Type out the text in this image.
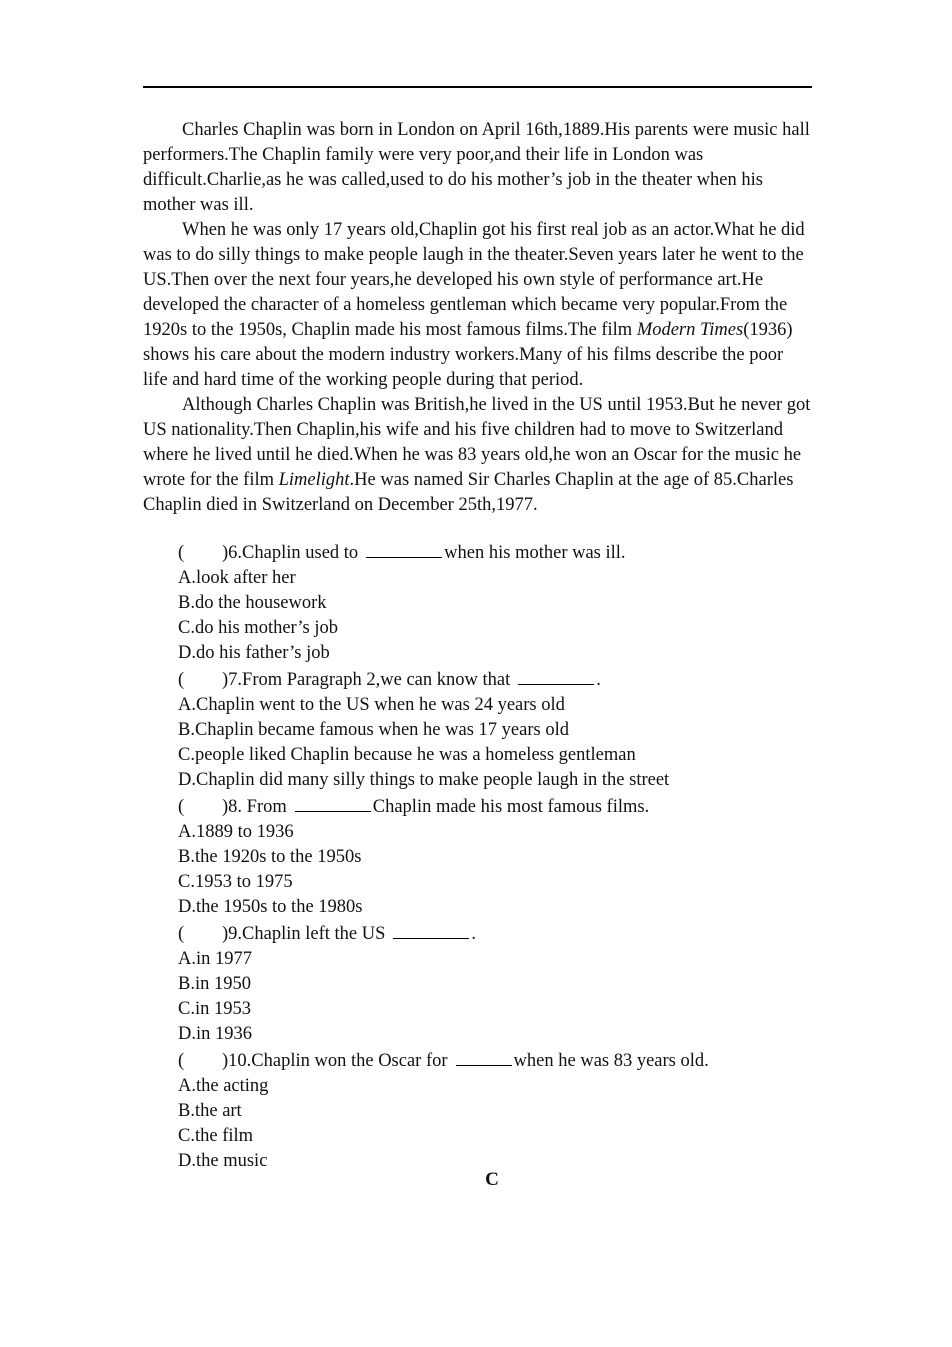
Charles Chaplin was born in London on April 16th,1889.His parents were music hall performers.The Chaplin family were very poor,and their life in London was difficult.Charlie,as he was called,used to do his mother’s job in the theater when his mother was ill.

When he was only 17 years old,Chaplin got his first real job as an actor.What he did was to do silly things to make people laugh in the theater.Seven years later he went to the US.Then over the next four years,he developed his own style of performance art.He developed the character of a homeless gentleman which became very popular.From the 1920s to the 1950s, Chaplin made his most famous films.The film Modern Times(1936) shows his care about the modern industry workers.Many of his films describe the poor life and hard time of the working people during that period.

Although Charles Chaplin was British,he lived in the US until 1953.But he never got US nationality.Then Chaplin,his wife and his five children had to move to Switzerland where he lived until he died.When he was 83 years old,he won an Oscar for the music he wrote for the film Limelight.He was named Sir Charles Chaplin at the age of 85.Charles Chaplin died in Switzerland on December 25th,1977.

( )6.Chaplin used to	when his mother was ill.

A.look after her

B.do the housework

C.do his mother’s job

D.do his father’s job

( )7.From Paragraph 2,we can know that	.

A.Chaplin went to the US when he was 24 years old

B.Chaplin became famous when he was 17 years old

C.people liked Chaplin because he was a homeless gentleman

D.Chaplin did many silly things to make people laugh in the street

( )8. From	Chaplin made his most famous films.

A.1889 to 1936

B.the 1920s to the 1950s

C.1953 to 1975

D.the 1950s to the 1980s

( )9.Chaplin left the US	.

A.in 1977

B.in 1950

C.in 1953

D.in 1936

( )10.Chaplin won the Oscar for	when he was 83 years old.

A.the acting

B.the art

C.the film

D.the music

C
